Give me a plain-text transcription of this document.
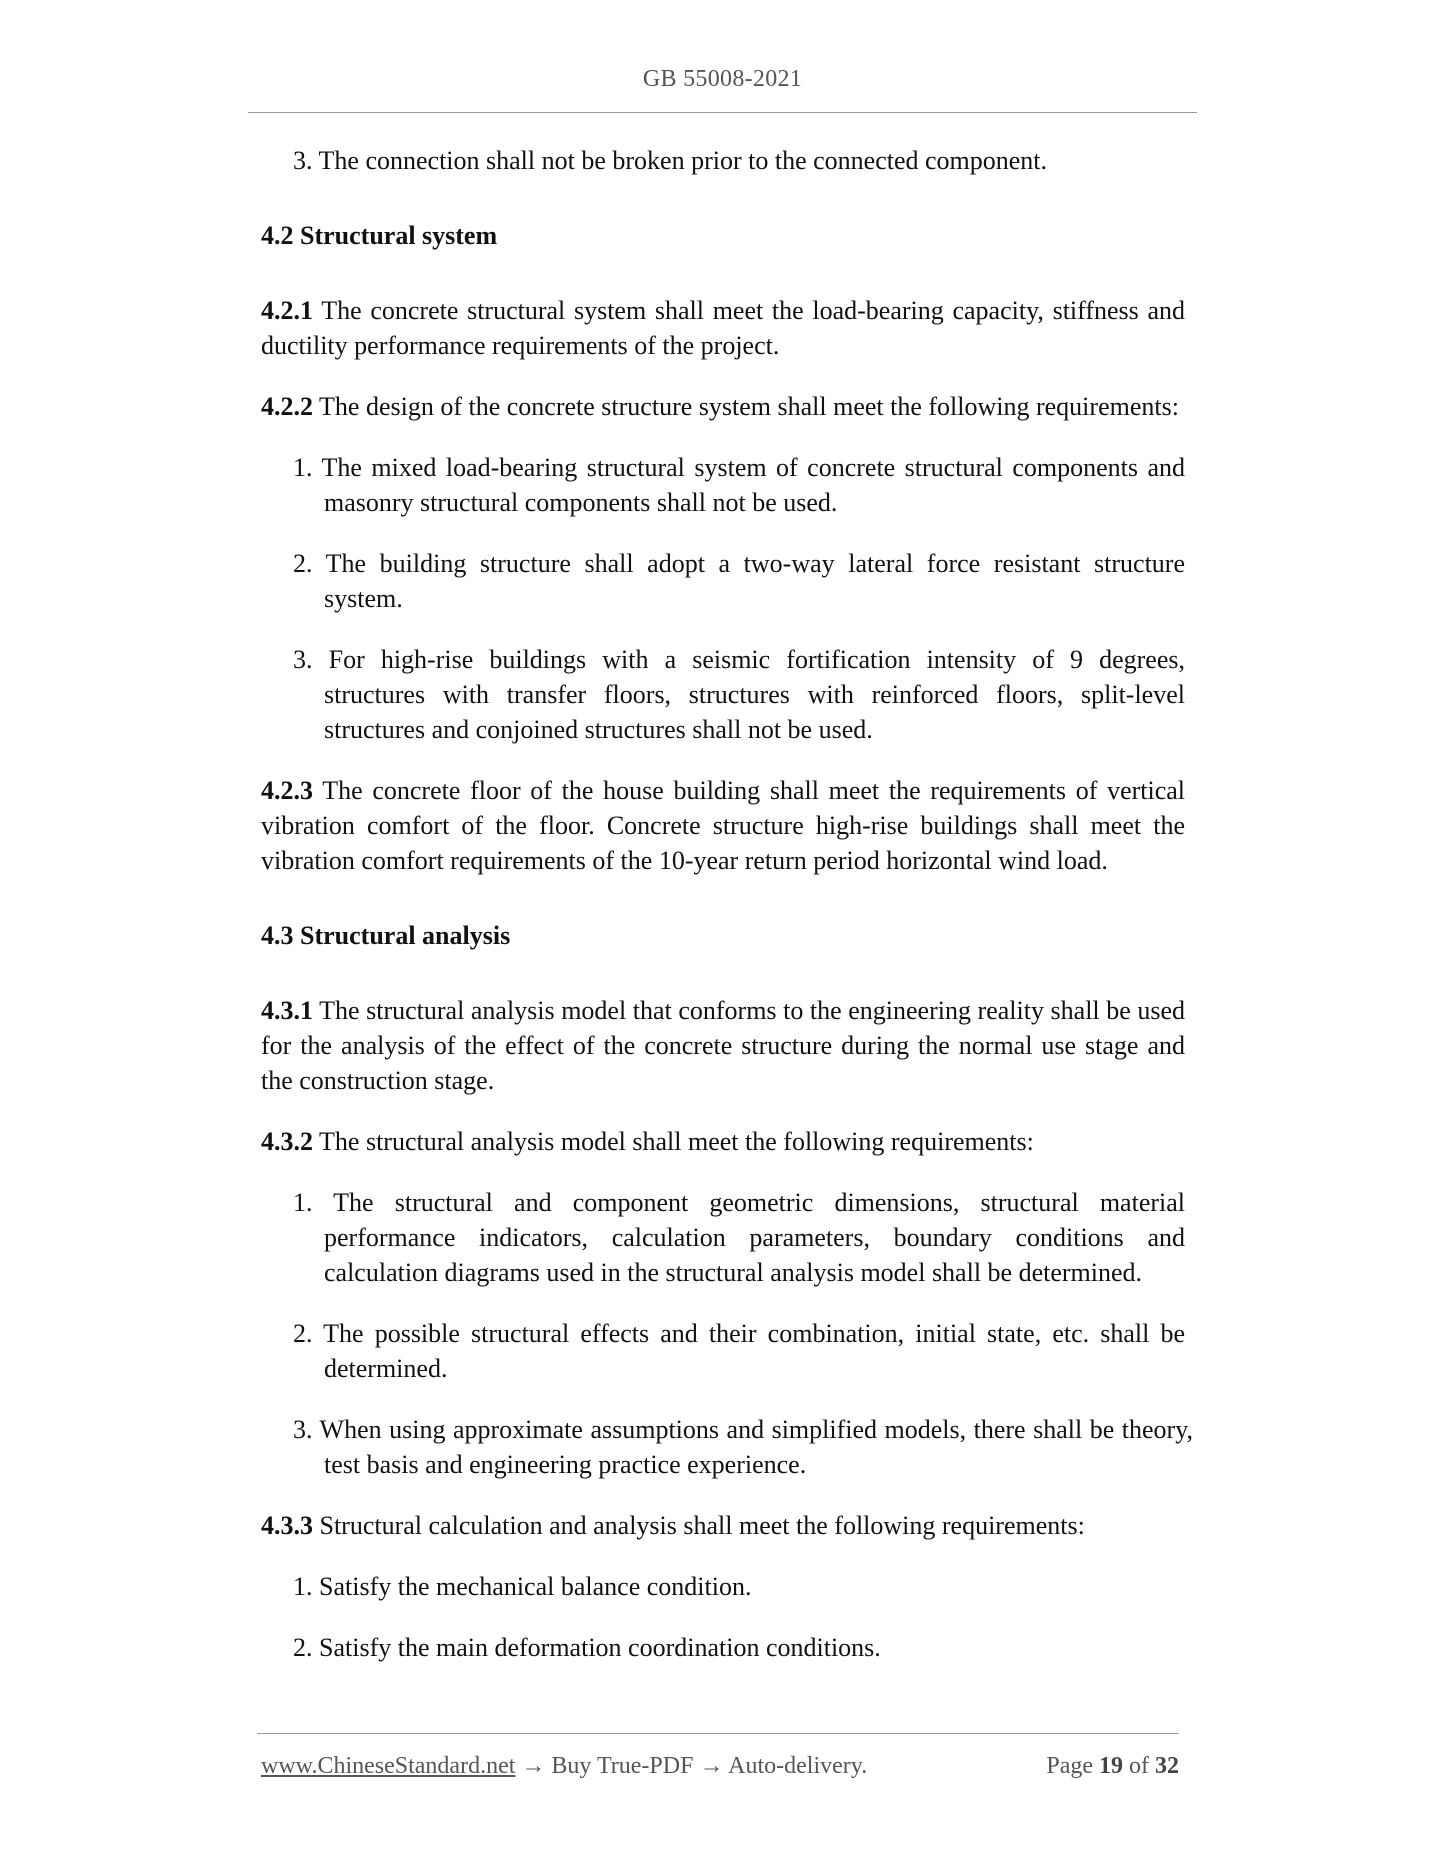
GB 55008-2021
3. The connection shall not be broken prior to the connected component.
4.2 Structural system
4.2.1 The concrete structural system shall meet the load-bearing capacity, stiffness and ductility performance requirements of the project.
4.2.2 The design of the concrete structure system shall meet the following requirements:
1. The mixed load-bearing structural system of concrete structural components and masonry structural components shall not be used.
2. The building structure shall adopt a two-way lateral force resistant structure system.
3. For high-rise buildings with a seismic fortification intensity of 9 degrees, structures with transfer floors, structures with reinforced floors, split-level structures and conjoined structures shall not be used.
4.2.3 The concrete floor of the house building shall meet the requirements of vertical vibration comfort of the floor. Concrete structure high-rise buildings shall meet the vibration comfort requirements of the 10-year return period horizontal wind load.
4.3 Structural analysis
4.3.1 The structural analysis model that conforms to the engineering reality shall be used for the analysis of the effect of the concrete structure during the normal use stage and the construction stage.
4.3.2 The structural analysis model shall meet the following requirements:
1. The structural and component geometric dimensions, structural material performance indicators, calculation parameters, boundary conditions and calculation diagrams used in the structural analysis model shall be determined.
2. The possible structural effects and their combination, initial state, etc. shall be determined.
3. When using approximate assumptions and simplified models, there shall be theory, test basis and engineering practice experience.
4.3.3 Structural calculation and analysis shall meet the following requirements:
1. Satisfy the mechanical balance condition.
2. Satisfy the main deformation coordination conditions.
www.ChineseStandard.net → Buy True-PDF → Auto-delivery.	Page 19 of 32
